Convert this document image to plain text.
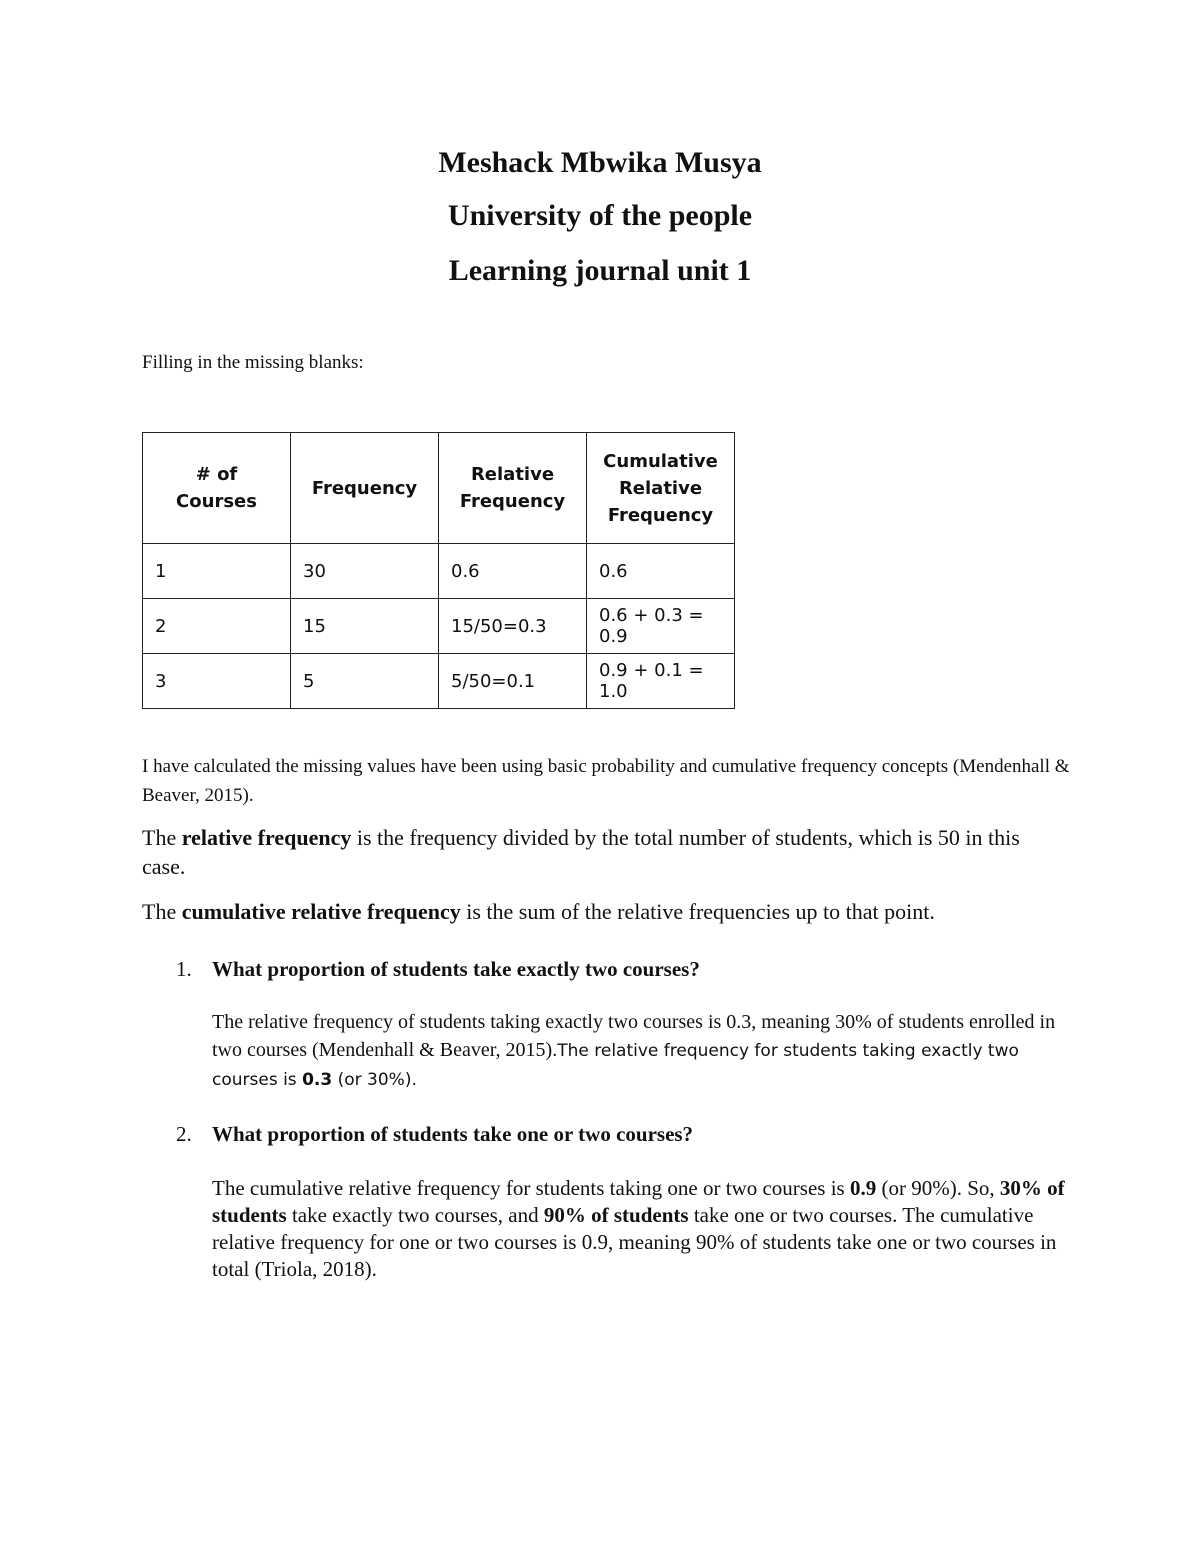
Meshack Mbwika Musya
University of the people
Learning journal unit 1

Filling in the missing blanks:

# of Courses	Frequency	Relative Frequency	Cumulative Relative Frequency
1	30	0.6	0.6
2	15	15/50=0.3	0.6 + 0.3 = 0.9
3	5	5/50=0.1	0.9 + 0.1 = 1.0

I have calculated the missing values have been using basic probability and cumulative frequency concepts (Mendenhall & Beaver, 2015).

The relative frequency is the frequency divided by the total number of students, which is 50 in this case.

The cumulative relative frequency is the sum of the relative frequencies up to that point.

1. What proportion of students take exactly two courses?

The relative frequency of students taking exactly two courses is 0.3, meaning 30% of students enrolled in two courses (Mendenhall & Beaver, 2015).The relative frequency for students taking exactly two courses is 0.3 (or 30%).

2. What proportion of students take one or two courses?

The cumulative relative frequency for students taking one or two courses is 0.9 (or 90%). So, 30% of students take exactly two courses, and 90% of students take one or two courses. The cumulative relative frequency for one or two courses is 0.9, meaning 90% of students take one or two courses in total (Triola, 2018).
